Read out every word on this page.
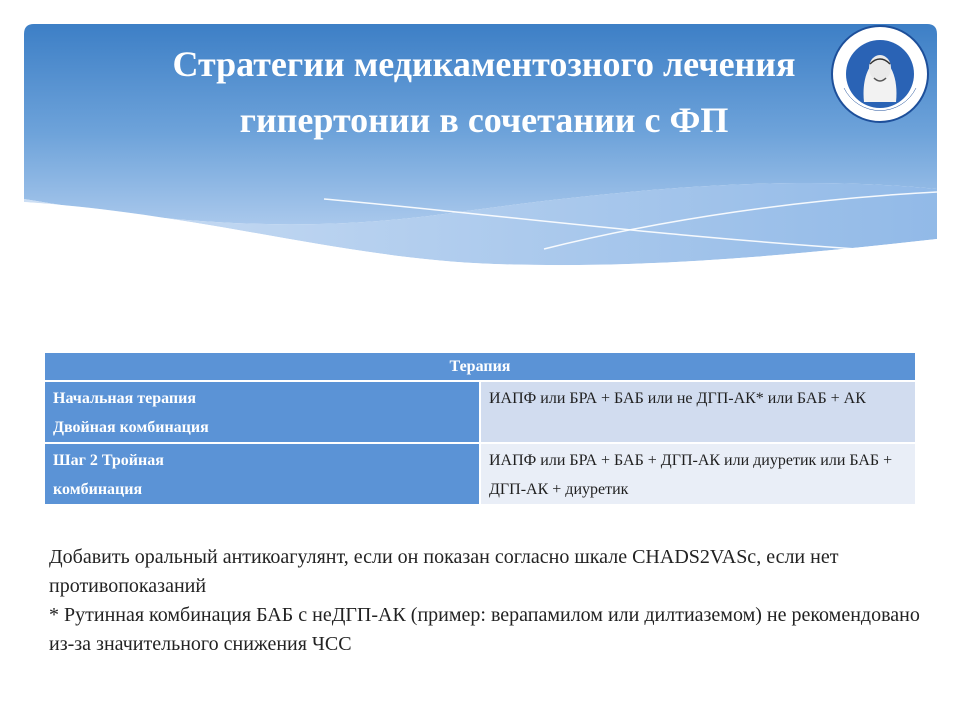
Стратегии медикаментозного лечения
гипертонии в сочетании с ФП
Терапия	

Начальная терапия
Двойная комбинация	ИАПФ или БРА + БАБ или не ДГП-АК* или БАБ + АК

Шаг 2 Тройная
комбинация	ИАПФ или БРА + БАБ + ДГП-АК или диуретик или БАБ + ДГП-АК + диуретик

Добавить оральный антикоагулянт, если он показан согласно шкале CHADS2VASc, если нет противопоказаний

* Рутинная комбинация БАБ с неДГП-АК (пример: верапамилом или дилтиаземом) не рекомендовано из-за значительного снижения ЧСС
